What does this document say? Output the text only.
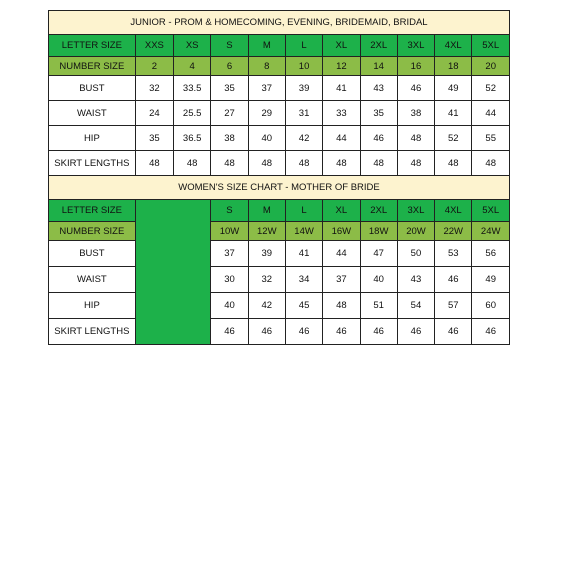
JUNIOR - PROM & HOMECOMING, EVENING, BRIDEMAID, BRIDAL										
LETTER SIZE	XXS	XS	S	M	L	XL	2XL	3XL	4XL	5XL
NUMBER SIZE	2	4	6	8	10	12	14	16	18	20
BUST	32	33.5	35	37	39	41	43	46	49	52
WAIST	24	25.5	27	29	31	33	35	38	41	44
HIP	35	36.5	38	40	42	44	46	48	52	55
SKIRT LENGTHS	48	48	48	48	48	48	48	48	48	48
WOMEN'S SIZE CHART - MOTHER OF BRIDE										
LETTER SIZE			S	M	L	XL	2XL	3XL	4XL	5XL
NUMBER SIZE			10W	12W	14W	16W	18W	20W	22W	24W
BUST			37	39	41	44	47	50	53	56
WAIST			30	32	34	37	40	43	46	49
HIP			40	42	45	48	51	54	57	60
SKIRT LENGTHS			46	46	46	46	46	46	46	46
